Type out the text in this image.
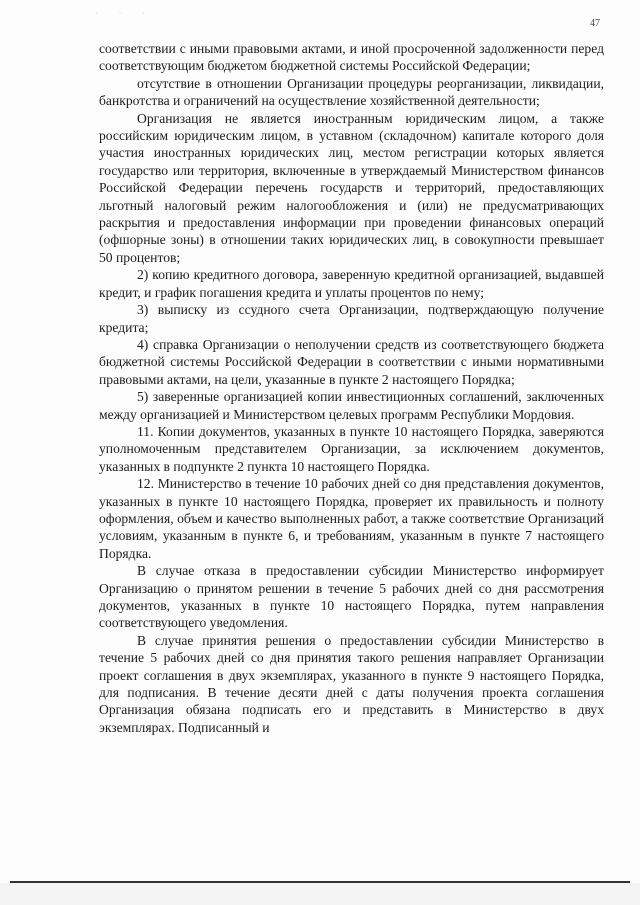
· · ·
47

соответствии с иными правовыми актами, и иной просроченной задолженности перед соответствующим бюджетом бюджетной системы Российской Федерации;

отсутствие в отношении Организации процедуры реорганизации, ликвидации, банкротства и ограничений на осуществление хозяйственной деятельности;

Организация не является иностранным юридическим лицом, а также российским юридическим лицом, в уставном (складочном) капитале которого доля участия иностранных юридических лиц, местом регистрации которых является государство или территория, включенные в утверждаемый Министерством финансов Российской Федерации перечень государств и территорий, предоставляющих льготный налоговый режим налогообложения и (или) не предусматривающих раскрытия и предоставления информации при проведении финансовых операций (офшорные зоны) в отношении таких юридических лиц, в совокупности превышает 50 процентов;

2) копию кредитного договора, заверенную кредитной организацией, выдавшей кредит, и график погашения кредита и уплаты процентов по нему;

3) выписку из ссудного счета Организации, подтверждающую получение кредита;

4) справка Организации о неполучении средств из соответствующего бюджета бюджетной системы Российской Федерации в соответствии с иными нормативными правовыми актами, на цели, указанные в пункте 2 настоящего Порядка;

5) заверенные организацией копии инвестиционных соглашений, заключенных между организацией и Министерством целевых программ Республики Мордовия.

11. Копии документов, указанных в пункте 10 настоящего Порядка, заверяются уполномоченным представителем Организации, за исключением документов, указанных в подпункте 2 пункта 10 настоящего Порядка.

12. Министерство в течение 10 рабочих дней со дня представления документов, указанных в пункте 10 настоящего Порядка, проверяет их правильность и полноту оформления, объем и качество выполненных работ, а также соответствие Организаций условиям, указанным в пункте 6, и требованиям, указанным в пункте 7 настоящего Порядка.

В случае отказа в предоставлении субсидии Министерство информирует Организацию о принятом решении в течение 5 рабочих дней со дня рассмотрения документов, указанных в пункте 10 настоящего Порядка, путем направления соответствующего уведомления.

В случае принятия решения о предоставлении субсидии Министерство в течение 5 рабочих дней со дня принятия такого решения направляет Организации проект соглашения в двух экземплярах, указанного в пункте 9 настоящего Порядка, для подписания. В течение десяти дней с даты получения проекта соглашения Организация обязана подписать его и представить в Министерство в двух экземплярах. Подписанный и
